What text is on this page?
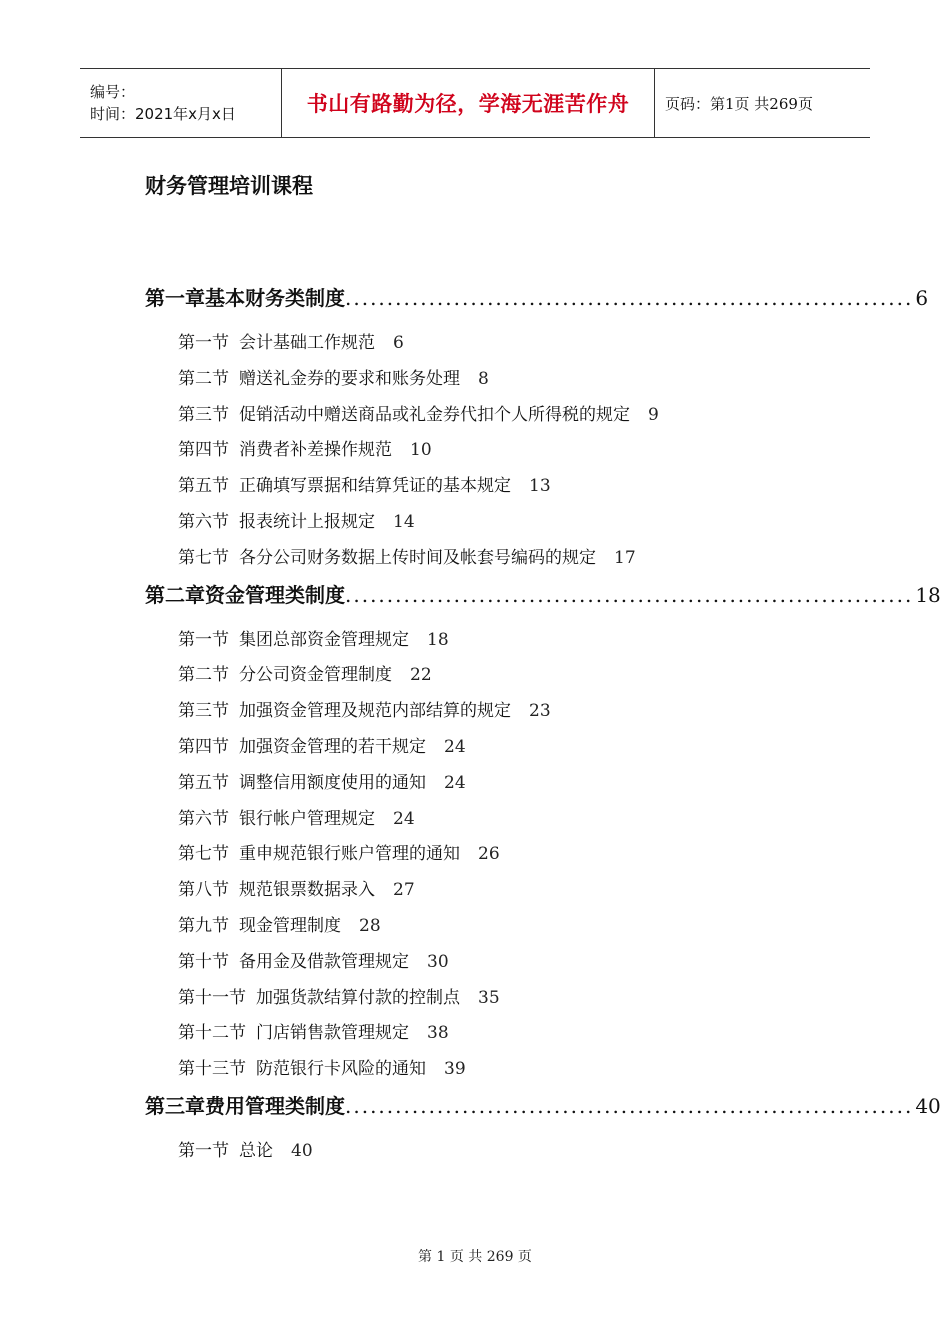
编号：
时间：2021年x月x日	书山有路勤为径，学海无涯苦作舟 页码：第1页 共269页
财务管理培训课程
第一章 基本财务类制度 .................................................................... 6
第一节 会计基础工作规范 6
第二节 赠送礼金券的要求和账务处理 8
第三节 促销活动中赠送商品或礼金券代扣个人所得税的规定 9
第四节 消费者补差操作规范 10
第五节 正确填写票据和结算凭证的基本规定 13
第六节 报表统计上报规定 14
第七节 各分公司财务数据上传时间及帐套号编码的规定 17
第二章 资金管理类制度 .................................................................... 18
第一节 集团总部资金管理规定 18
第二节 分公司资金管理制度 22
第三节 加强资金管理及规范内部结算的规定 23
第四节 加强资金管理的若干规定 24
第五节 调整信用额度使用的通知 24
第六节 银行帐户管理规定 24
第七节 重申规范银行账户管理的通知 26
第八节 规范银票数据录入 27
第九节 现金管理制度 28
第十节 备用金及借款管理规定 30
第十一节 加强货款结算付款的控制点 35
第十二节 门店销售款管理规定 38
第十三节 防范银行卡风险的通知 39
第三章 费用管理类制度 .................................................................... 40
第一节 总论 40
第 1 页 共 269 页
